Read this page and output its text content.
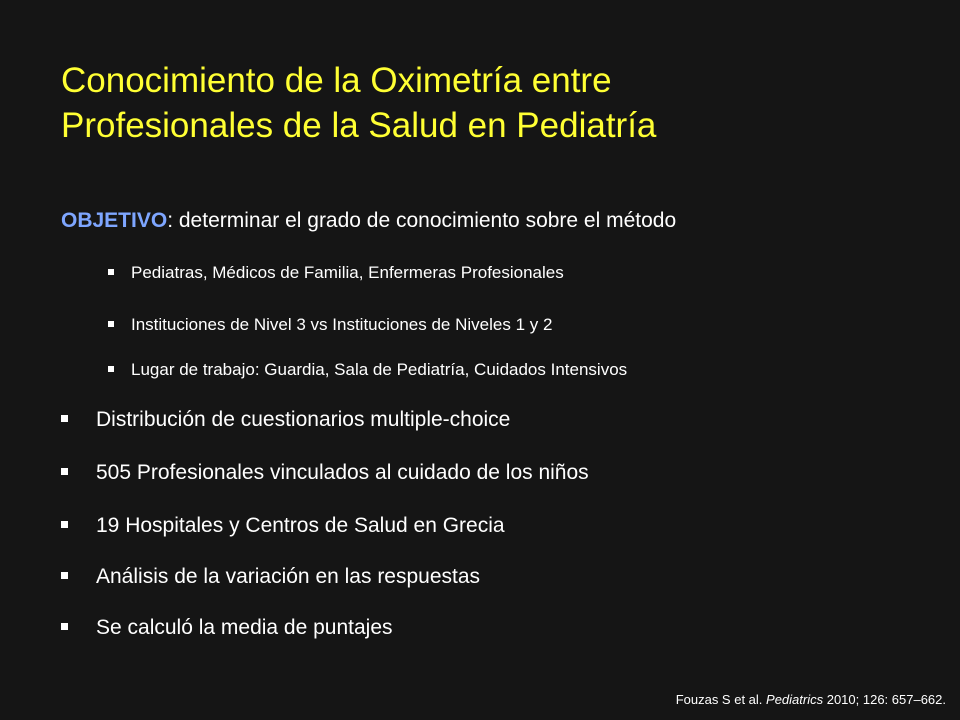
Conocimiento de la Oximetría entre
Profesionales de la Salud en Pediatría
OBJETIVO: determinar el grado de conocimiento sobre el método
Pediatras, Médicos de Familia, Enfermeras Profesionales
Instituciones de Nivel 3 vs Instituciones de Niveles 1 y 2
Lugar de trabajo: Guardia, Sala de Pediatría, Cuidados Intensivos
Distribución de cuestionarios multiple-choice
505 Profesionales vinculados al cuidado de los niños
19 Hospitales y Centros de Salud en Grecia
Análisis de la variación en las respuestas
Se calculó la media de puntajes
Fouzas S et al. Pediatrics 2010; 126: 657–662.
